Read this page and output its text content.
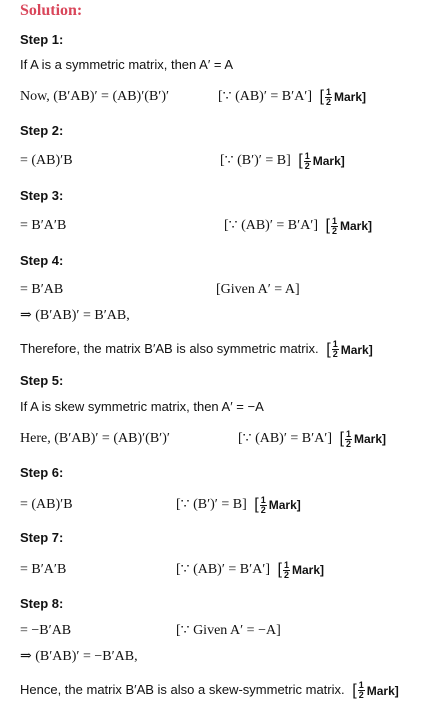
Solution:
Step 1:
If A is a symmetric matrix, then A′ = A
Now, (B′AB)′ = (AB)′(B′)′	[∵ (AB)′ = B′A′] [ $\frac{1}{2}$ Mark]
Step 2:
= (AB)′B	[∵ (B′)′ = B] [ $\frac{1}{2}$ Mark]
Step 3:
= B′A′B	[∵ (AB)′ = B′A′] [ $\frac{1}{2}$ Mark]
Step 4:
= B′AB	[Given A′ = A]
⇒ (B′AB)′ = B′AB,
Therefore, the matrix B′AB is also symmetric matrix. [ $\frac{1}{2}$ Mark]
Step 5:
If A is skew symmetric matrix, then A′ = −A
Here, (B′AB)′ = (AB)′(B′)′	[∵ (AB)′ = B′A′] [ $\frac{1}{2}$ Mark]
Step 6:
= (AB)′B	[∵ (B′)′ = B] [ $\frac{1}{2}$ Mark]
Step 7:
= B′A′B	[∵ (AB)′ = B′A′] [ $\frac{1}{2}$ Mark]
Step 8:
= −B′AB	[∵ Given A′ = −A]
⇒ (B′AB)′ = −B′AB,
Hence, the matrix B′AB is also a skew-symmetric matrix. [ $\frac{1}{2}$ Mark]
